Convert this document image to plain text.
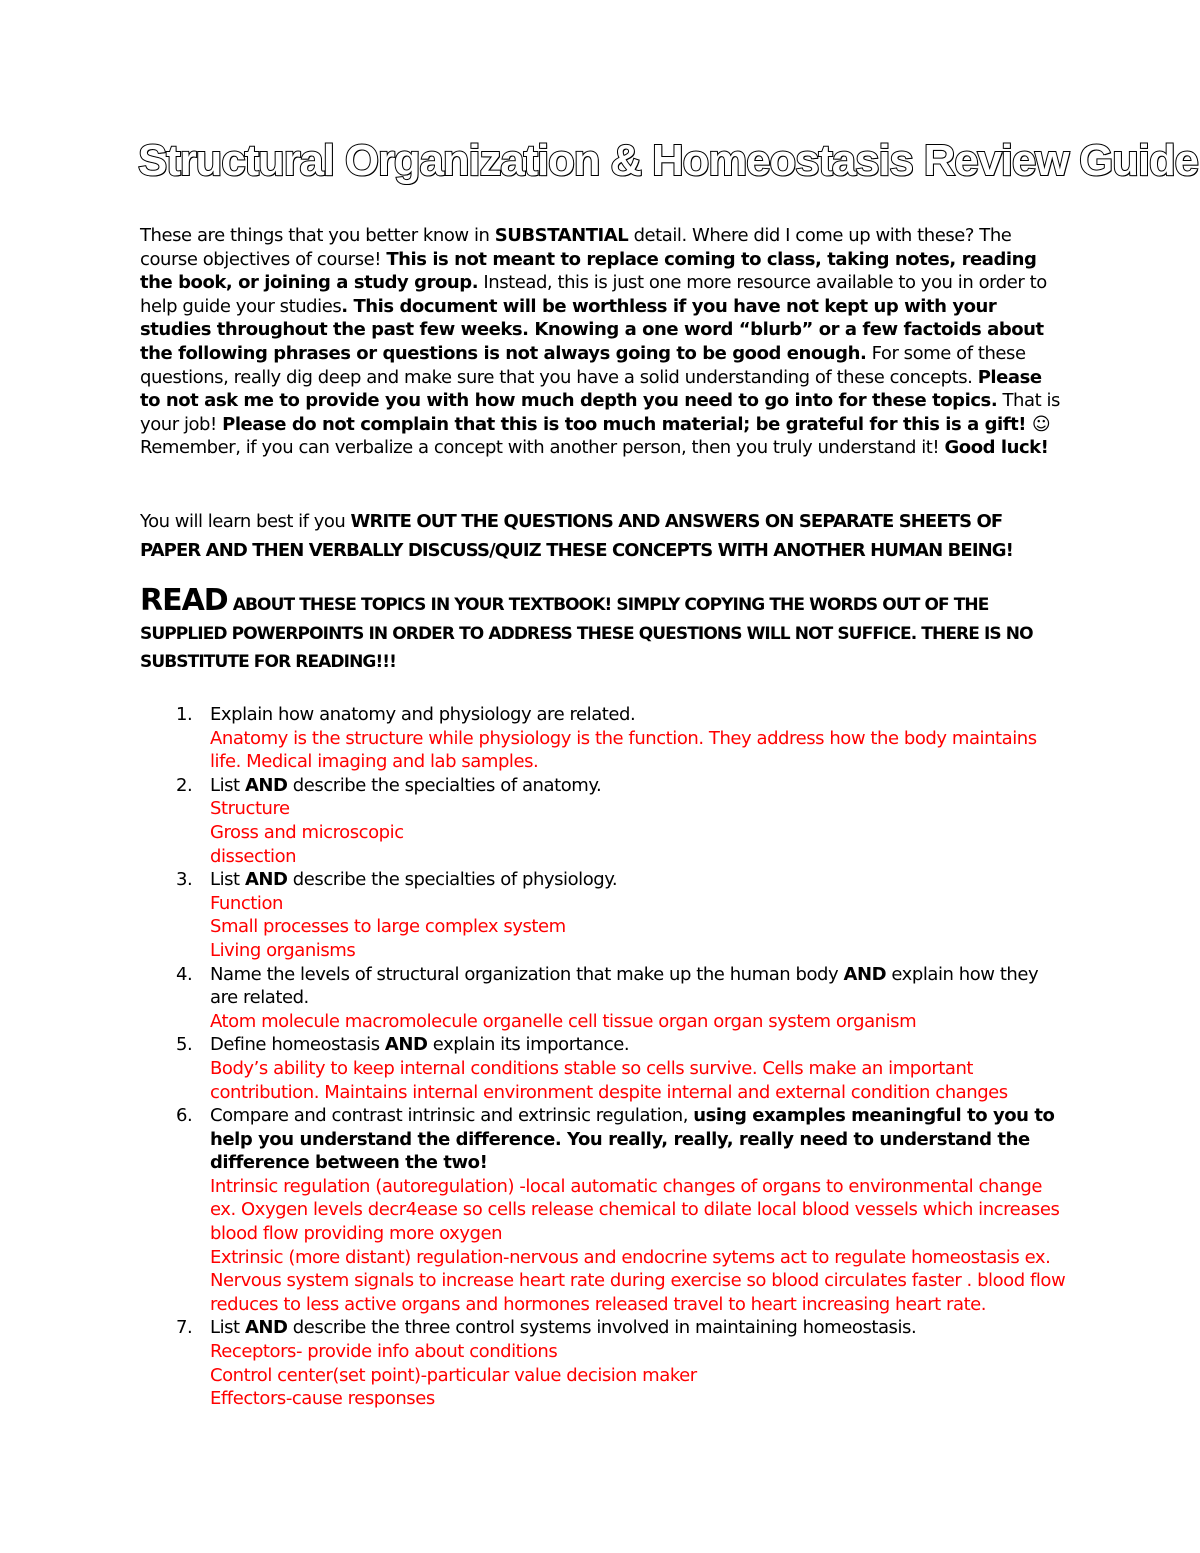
Structural Organization & Homeostasis Review Guide
These are things that you better know in SUBSTANTIAL detail. Where did I come up with these? The course objectives of course! This is not meant to replace coming to class, taking notes, reading the book, or joining a study group. Instead, this is just one more resource available to you in order to help guide your studies. This document will be worthless if you have not kept up with your studies throughout the past few weeks. Knowing a one word “blurb” or a few factoids about the following phrases or questions is not always going to be good enough. For some of these questions, really dig deep and make sure that you have a solid understanding of these concepts. Please to not ask me to provide you with how much depth you need to go into for these topics. That is your job! Please do not complain that this is too much material; be grateful for this is a gift! ☺ Remember, if you can verbalize a concept with another person, then you truly understand it! Good luck!
You will learn best if you WRITE OUT THE QUESTIONS AND ANSWERS ON SEPARATE SHEETS OF PAPER AND THEN VERBALLY DISCUSS/QUIZ THESE CONCEPTS WITH ANOTHER HUMAN BEING!
READ ABOUT THESE TOPICS IN YOUR TEXTBOOK! SIMPLY COPYING THE WORDS OUT OF THE SUPPLIED POWERPOINTS IN ORDER TO ADDRESS THESE QUESTIONS WILL NOT SUFFICE. THERE IS NO SUBSTITUTE FOR READING!!!
1. Explain how anatomy and physiology are related.
Anatomy is the structure while physiology is the function. They address how the body maintains life. Medical imaging and lab samples.
2. List AND describe the specialties of anatomy.
Structure
Gross and microscopic
dissection
3. List AND describe the specialties of physiology.
Function
Small processes to large complex system
Living organisms
4. Name the levels of structural organization that make up the human body AND explain how they are related.
Atom molecule macromolecule organelle cell tissue organ organ system organism
5. Define homeostasis AND explain its importance.
Body’s ability to keep internal conditions stable so cells survive. Cells make an important contribution. Maintains internal environment despite internal and external condition changes
6. Compare and contrast intrinsic and extrinsic regulation, using examples meaningful to you to help you understand the difference. You really, really, really need to understand the difference between the two!
Intrinsic regulation (autoregulation) -local automatic changes of organs to environmental change ex. Oxygen levels decr4ease so cells release chemical to dilate local blood vessels which increases blood flow providing more oxygen
Extrinsic (more distant) regulation-nervous and endocrine sytems act to regulate homeostasis ex. Nervous system signals to increase heart rate during exercise so blood circulates faster . blood flow reduces to less active organs and hormones released travel to heart increasing heart rate.
7. List AND describe the three control systems involved in maintaining homeostasis.
Receptors- provide info about conditions
Control center(set point)-particular value decision maker
Effectors-cause responses
